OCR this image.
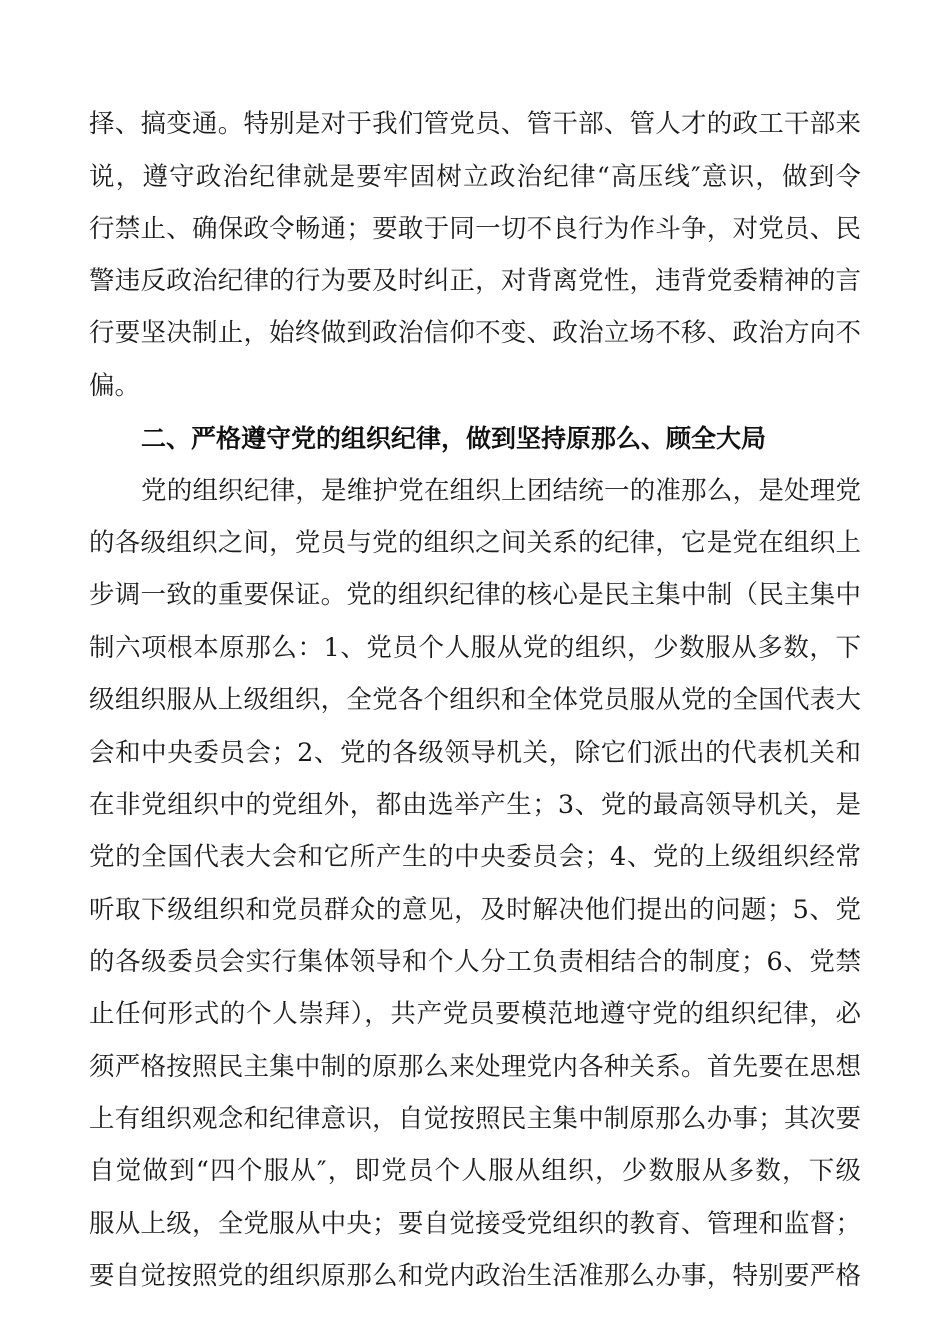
择、搞变通。特别是对于我们管党员、管干部、管人才的政工干部来
说，遵守政治纪律就是要牢固树立政治纪律“高压线″意识，做到令
行禁止、确保政令畅通；要敢于同一切不良行为作斗争，对党员、民
警违反政治纪律的行为要及时纠正，对背离党性，违背党委精神的言
行要坚决制止，始终做到政治信仰不变、政治立场不移、政治方向不
偏。
二、严格遵守党的组织纪律，做到坚持原那么、顾全大局
党的组织纪律，是维护党在组织上团结统一的准那么，是处理党
的各级组织之间，党员与党的组织之间关系的纪律，它是党在组织上
步调一致的重要保证。党的组织纪律的核心是民主集中制（民主集中
制六项根本原那么：1、党员个人服从党的组织，少数服从多数，下
级组织服从上级组织，全党各个组织和全体党员服从党的全国代表大
会和中央委员会；2、党的各级领导机关，除它们派出的代表机关和
在非党组织中的党组外，都由选举产生；3、党的最高领导机关，是
党的全国代表大会和它所产生的中央委员会；4、党的上级组织经常
听取下级组织和党员群众的意见，及时解决他们提出的问题；5、党
的各级委员会实行集体领导和个人分工负责相结合的制度；6、党禁
止任何形式的个人崇拜），共产党员要模范地遵守党的组织纪律，必
须严格按照民主集中制的原那么来处理党内各种关系。首先要在思想
上有组织观念和纪律意识，自觉按照民主集中制原那么办事；其次要
自觉做到“四个服从″，即党员个人服从组织，少数服从多数，下级
服从上级，全党服从中央；要自觉接受党组织的教育、管理和监督；
要自觉按照党的组织原那么和党内政治生活准那么办事，特别要严格
